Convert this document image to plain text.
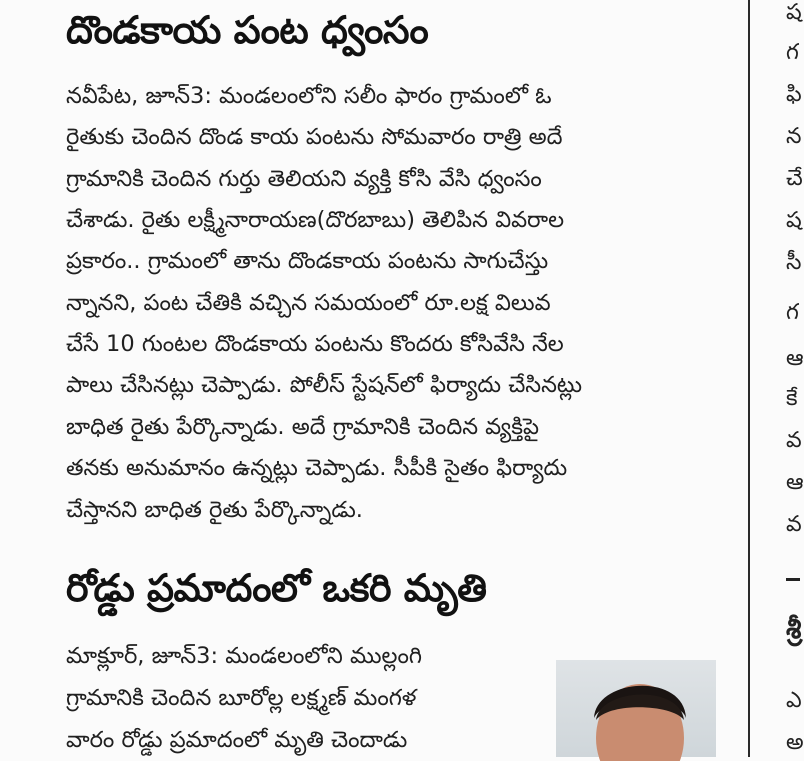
దొండకాయ పంట ధ్వంసం
నవీపేట, జూన్3: మండలంలోని సలీం ఫారం గ్రామంలో ఓ
రైతుకు చెందిన దొండ కాయ పంటను సోమవారం రాత్రి అదే
గ్రామానికి చెందిన గుర్తు తెలియని వ్యక్తి కోసి వేసి ధ్వంసం
చేశాడు. రైతు లక్ష్మీనారాయణ(దొరబాబు) తెలిపిన వివరాల
ప్రకారం.. గ్రామంలో తాను దొండకాయ పంటను సాగుచేస్తు
న్నానని, పంట చేతికి వచ్చిన సమయంలో రూ.లక్ష విలువ
చేసే 10 గుంటల దొండకాయ పంటను కొందరు కోసివేసి నేల
పాలు చేసినట్లు చెప్పాడు. పోలీస్ స్టేషన్‌లో ఫిర్యాదు చేసినట్లు
బాధిత రైతు పేర్కొన్నాడు. అదే గ్రామానికి చెందిన వ్యక్తిపై
తనకు అనుమానం ఉన్నట్లు చెప్పాడు. సీపీకి సైతం ఫిర్యాదు
చేస్తానని బాధిత రైతు పేర్కొన్నాడు.
రోడ్డు ప్రమాదంలో ఒకరి మృతి
మాక్లూర్, జూన్3: మండలంలోని ముల్లంగి
గ్రామానికి చెందిన బూరోల్ల లక్ష్మణ్ మంగళ
వారం రోడ్డు ప్రమాదంలో మృతి చెందాడు
ష
గ
ఫి
న
చే
ష
సీ
గ
ఆ
కే
వ
ఆ
వ
శ్రీ
ఎ
అ
